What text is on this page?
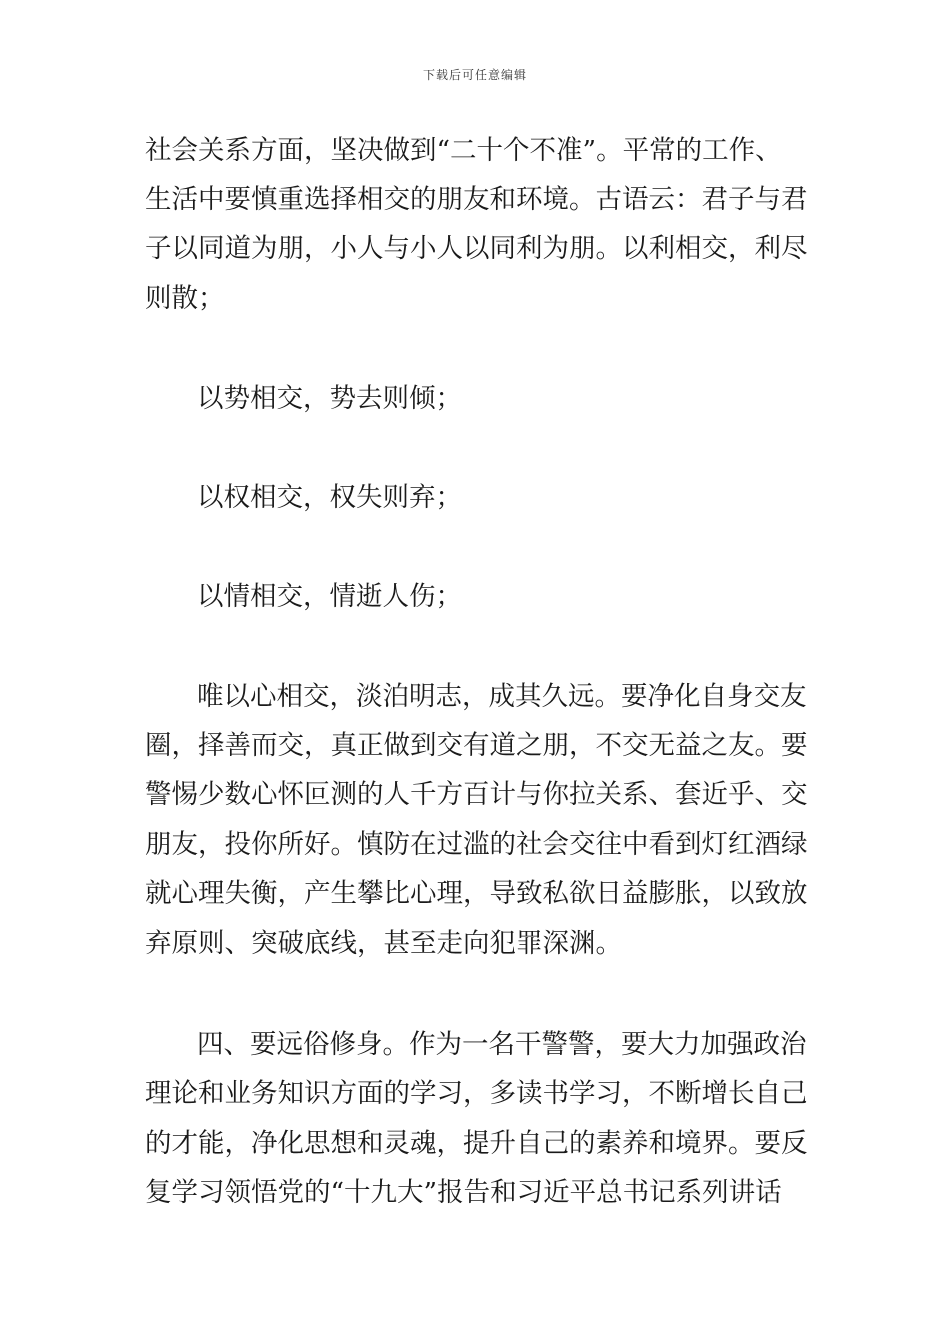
下载后可任意编辑
社会关系方面，坚决做到“二十个不准”。平常的工作、
生活中要慎重选择相交的朋友和环境。古语云：君子与君
子以同道为朋，小人与小人以同利为朋。以利相交，利尽
则散；
以势相交，势去则倾；
以权相交，权失则弃；
以情相交，情逝人伤；
唯以心相交，淡泊明志，成其久远。要净化自身交友
圈，择善而交，真正做到交有道之朋，不交无益之友。要
警惕少数心怀叵测的人千方百计与你拉关系、套近乎、交
朋友，投你所好。慎防在过滥的社会交往中看到灯红酒绿
就心理失衡，产生攀比心理，导致私欲日益膨胀，以致放
弃原则、突破底线，甚至走向犯罪深渊。
四、要远俗修身。作为一名干警警，要大力加强政治
理论和业务知识方面的学习，多读书学习，不断增长自己
的才能，净化思想和灵魂，提升自己的素养和境界。要反
复学习领悟党的“十九大”报告和习近平总书记系列讲话
